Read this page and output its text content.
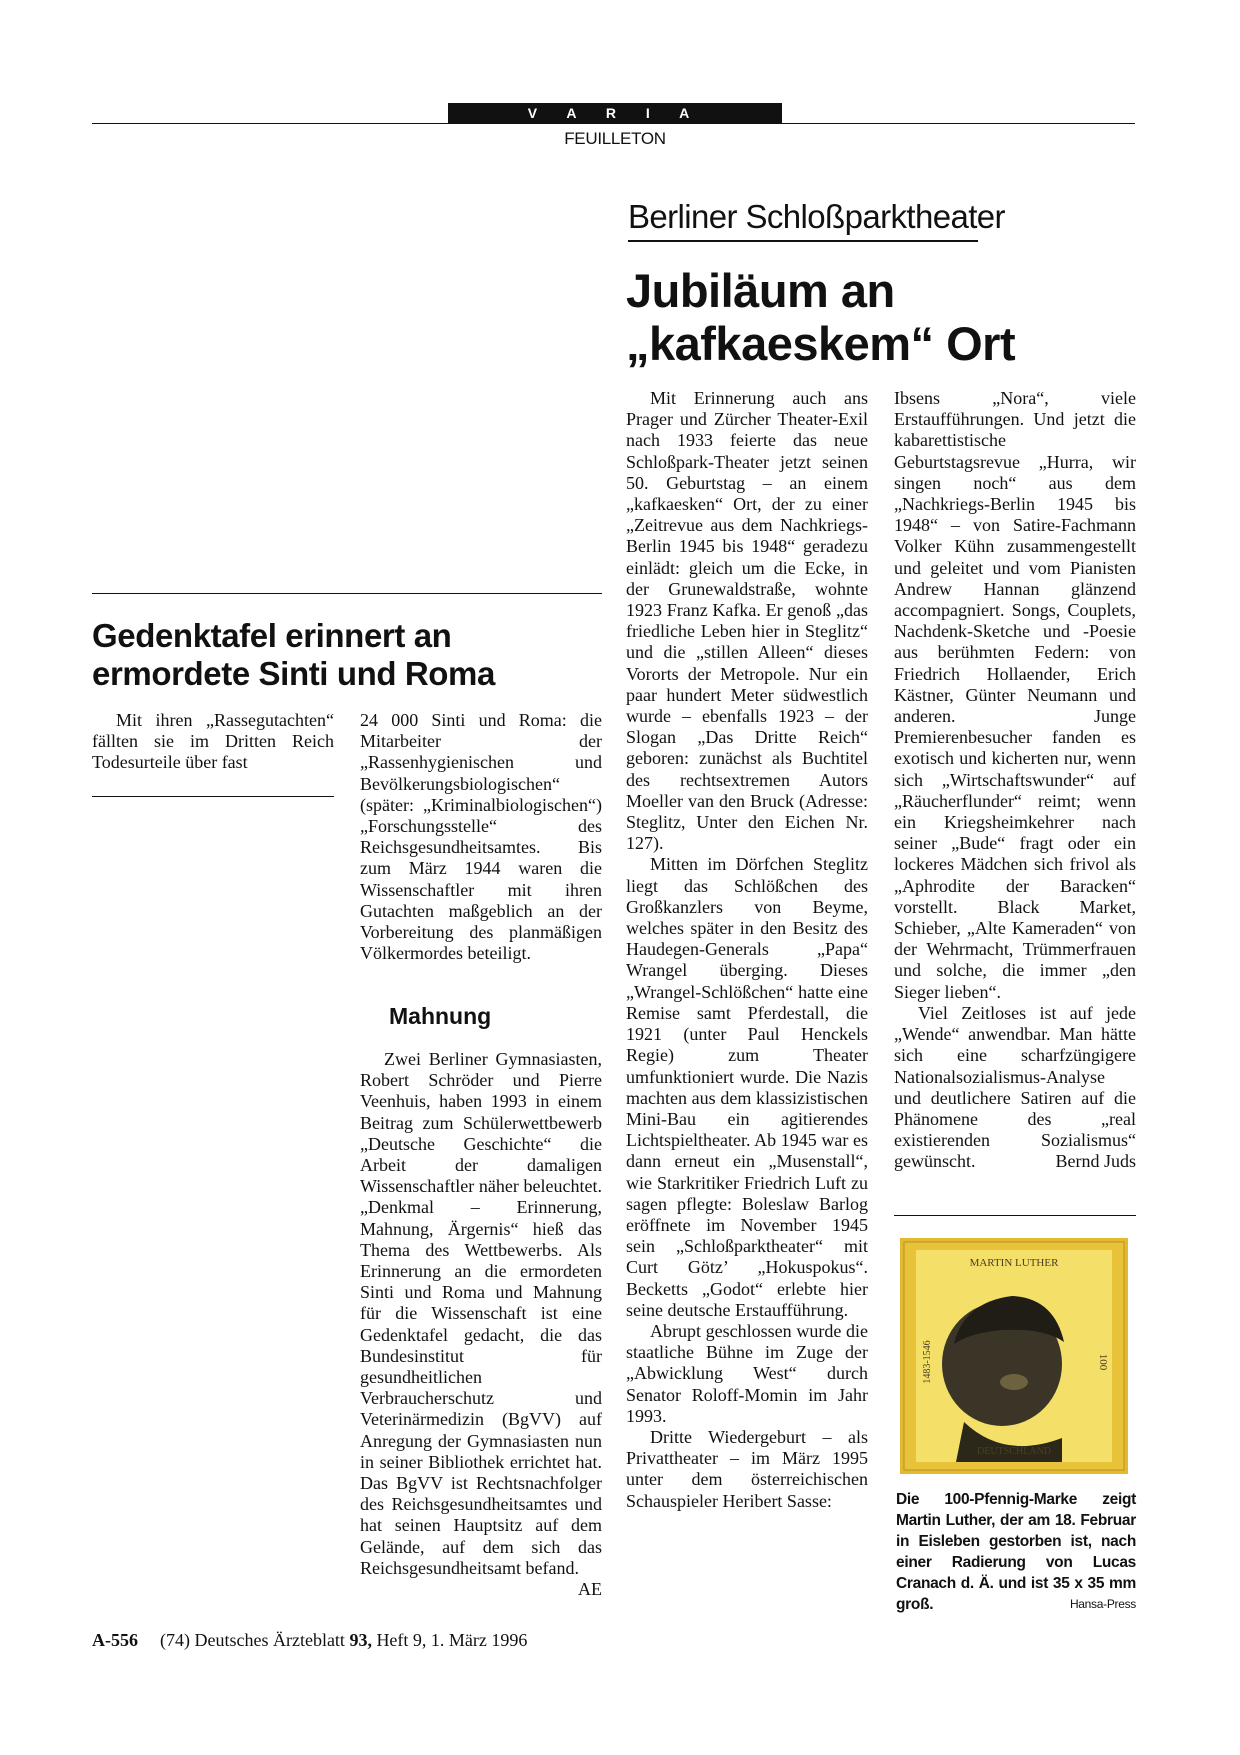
V A R I A
FEUILLETON
Berliner Schloßparktheater
Jubiläum an
„kafkaeskem“ Ort

Mit Erinnerung auch ans Prager und Zürcher Theater-Exil nach 1933 feierte das neue Schloßpark-Theater jetzt seinen 50. Geburtstag – an einem „kafkaesken“ Ort, der zu einer „Zeitrevue aus dem Nachkriegs-Berlin 1945 bis 1948“ geradezu einlädt: gleich um die Ecke, in der Grunewaldstraße, wohnte 1923 Franz Kafka. Er genoß „das friedliche Leben hier in Steglitz“ und die „stillen Alleen“ dieses Vororts der Metropole. Nur ein paar hundert Meter südwestlich wurde – ebenfalls 1923 – der Slogan „Das Dritte Reich“ geboren: zunächst als Buchtitel des rechtsextremen Autors Moeller van den Bruck (Adresse: Steglitz, Unter den Eichen Nr. 127).

Mitten im Dörfchen Steglitz liegt das Schlößchen des Großkanzlers von Beyme, welches später in den Besitz des Haudegen-Generals „Papa“ Wrangel überging. Dieses „Wrangel-Schlößchen“ hatte eine Remise samt Pferdestall, die 1921 (unter Paul Henckels Regie) zum Theater umfunktioniert wurde. Die Nazis machten aus dem klassizistischen Mini-Bau ein agitierendes Lichtspieltheater. Ab 1945 war es dann erneut ein „Musenstall“, wie Starkritiker Friedrich Luft zu sagen pflegte: Boleslaw Barlog eröffnete im November 1945 sein „Schloßparktheater“ mit Curt Götz’ „Hokuspokus“. Becketts „Godot“ erlebte hier seine deutsche Erstaufführung.

Abrupt geschlossen wurde die staatliche Bühne im Zuge der „Abwicklung West“ durch Senator Roloff-Momin im Jahr 1993.

Dritte Wiedergeburt – als Privattheater – im März 1995 unter dem österreichischen Schauspieler Heribert Sasse:

Ibsens „Nora“, viele Erstaufführungen. Und jetzt die kabarettistische Geburtstagsrevue „Hurra, wir singen noch“ aus dem „Nachkriegs-Berlin 1945 bis 1948“ – von Satire-Fachmann Volker Kühn zusammengestellt und geleitet und vom Pianisten Andrew Hannan glänzend accompagniert. Songs, Couplets, Nachdenk-Sketche und -Poesie aus berühmten Federn: von Friedrich Hollaender, Erich Kästner, Günter Neumann und anderen. Junge Premierenbesucher fanden es exotisch und kicherten nur, wenn sich „Wirtschaftswunder“ auf „Räucherflunder“ reimt; wenn ein Kriegsheimkehrer nach seiner „Bude“ fragt oder ein lockeres Mädchen sich frivol als „Aphrodite der Baracken“ vorstellt. Black Market, Schieber, „Alte Kameraden“ von der Wehrmacht, Trümmerfrauen und solche, die immer „den Sieger lieben“.

Viel Zeitloses ist auf jede „Wende“ anwendbar. Man hätte sich eine scharfzüngigere Nationalsozialismus-Analyse und deutlichere Satiren auf die Phänomene des „real existierenden Sozialismus“ gewünscht.	Bernd Juds

Gedenktafel erinnert an
ermordete Sinti und Roma

Mit ihren „Rassegutachten“ fällten sie im Dritten Reich Todesurteile über fast

24 000 Sinti und Roma: die Mitarbeiter der „Rassenhygienischen und Bevölkerungsbiologischen“ (später: „Kriminalbiologischen“) „Forschungsstelle“ des Reichsgesundheitsamtes. Bis zum März 1944 waren die Wissenschaftler mit ihren Gutachten maßgeblich an der Vorbereitung des planmäßigen Völkermordes beteiligt.

Mahnung

Zwei Berliner Gymnasiasten, Robert Schröder und Pierre Veenhuis, haben 1993 in einem Beitrag zum Schülerwettbewerb „Deutsche Geschichte“ die Arbeit der damaligen Wissenschaftler näher beleuchtet. „Denkmal – Erinnerung, Mahnung, Ärgernis“ hieß das Thema des Wettbewerbs. Als Erinnerung an die ermordeten Sinti und Roma und Mahnung für die Wissenschaft ist eine Gedenktafel gedacht, die das Bundesinstitut für gesundheitlichen Verbraucherschutz und Veterinärmedizin (BgVV) auf Anregung der Gymnasiasten nun in seiner Bibliothek errichtet hat. Das BgVV ist Rechtsnachfolger des Reichsgesundheitsamtes und hat seinen Hauptsitz auf dem Gelände, auf dem sich das Reichsgesundheitsamt befand.
AE

MARTIN LUTHER
DEUTSCHLAND
1483-1546	100
Die 100-Pfennig-Marke zeigt Martin Luther, der am 18. Februar in Eisleben gestorben ist, nach einer Radierung von Lucas Cranach d. Ä. und ist 35 x 35 mm groß.	Hansa-Press
A-556 (74) Deutsches Ärzteblatt 93, Heft 9, 1. März 1996
